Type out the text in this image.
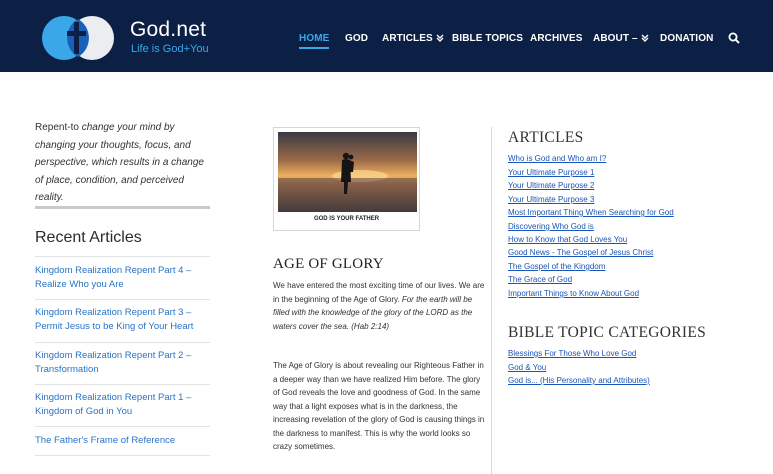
God.net
Life is God+You
HOME GOD ARTICLES	BIBLE TOPICS ARCHIVES ABOUT –	DONATION
Repent-to change your mind by changing your thoughts, focus, and perspective, which results in a change of place, condition, and perceived reality.
Recent Articles
Kingdom Realization Repent Part 4 – Realize Who you Are
Kingdom Realization Repent Part 3 – Permit Jesus to be King of Your Heart
Kingdom Realization Repent Part 2 – Transformation
Kingdom Realization Repent Part 1 – Kingdom of God in You
The Father's Frame of Reference
GOD IS YOUR FATHER
AGE OF GLORY
We have entered the most exciting time of our lives. We are in the beginning of the Age of Glory. For the earth will be filled with the knowledge of the glory of the LORD as the waters cover the sea. (Hab 2:14)
The Age of Glory is about revealing our Righteous Father in a deeper way than we have realized Him before. The glory of God reveals the love and goodness of God. In the same way that a light exposes what is in the darkness, the increasing revelation of the glory of God is causing things in the darkness to manifest. This is why the world looks so crazy sometimes.
ARTICLES
Who is God and Who am I?
Your Ultimate Purpose 1
Your Ultimate Purpose 2
Your Ultimate Purpose 3
Most Important Thing When Searching for God
Discovering Who God is
How to Know that God Loves You
Good News - The Gospel of Jesus Christ
The Gospel of the Kingdom
The Grace of God
Important Things to Know About God
BIBLE TOPIC CATEGORIES
Blessings For Those Who Love God
God & You
God is... (His Personality and Attributes)
